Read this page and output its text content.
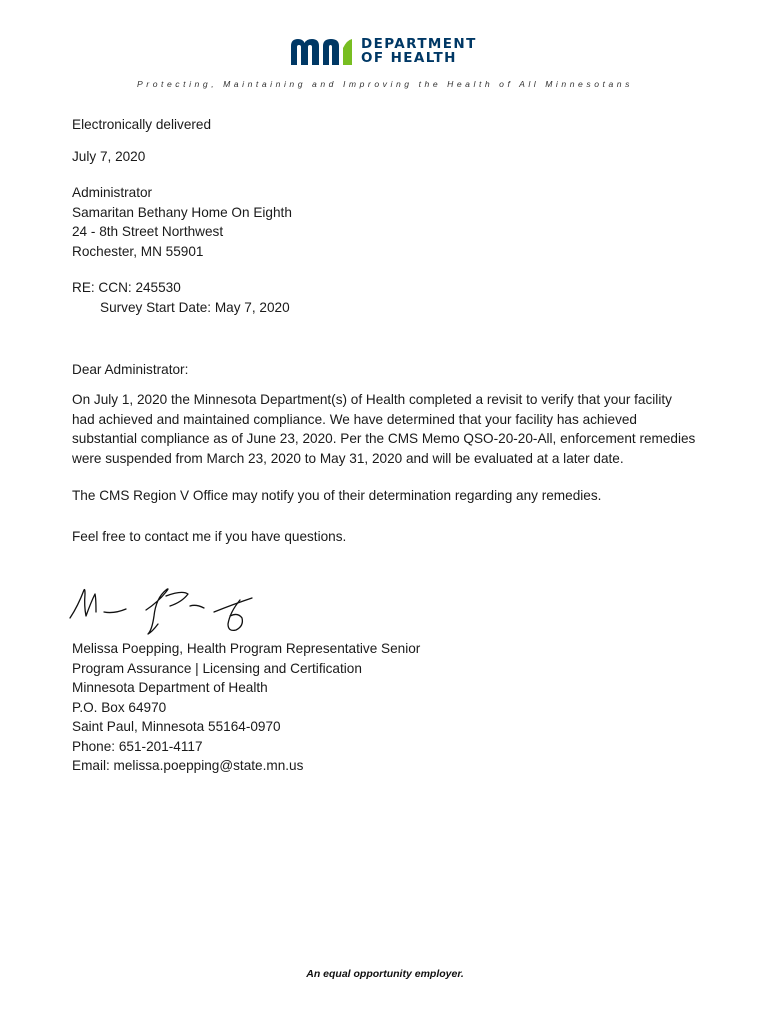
DEPARTMENT
OF HEALTH
Protecting, Maintaining and Improving the Health of All Minnesotans
Electronically delivered
July 7, 2020
Administrator
Samaritan Bethany Home On Eighth
24 - 8th Street Northwest
Rochester, MN 55901
RE: CCN: 245530
Survey Start Date: May 7, 2020
Dear Administrator:
On July 1, 2020 the Minnesota Department(s) of Health completed a revisit to verify that your facility
had achieved and maintained compliance. We have determined that your facility has achieved
substantial compliance as of June 23, 2020. Per the CMS Memo QSO-20-20-All, enforcement remedies
were suspended from March 23, 2020 to May 31, 2020 and will be evaluated at a later date.
The CMS Region V Office may notify you of their determination regarding any remedies.
Feel free to contact me if you have questions.
Melissa Poepping, Health Program Representative Senior
Program Assurance | Licensing and Certification
Minnesota Department of Health
P.O. Box 64970
Saint Paul, Minnesota 55164-0970
Phone: 651-201-4117
Email: melissa.poepping@state.mn.us
An equal opportunity employer.
